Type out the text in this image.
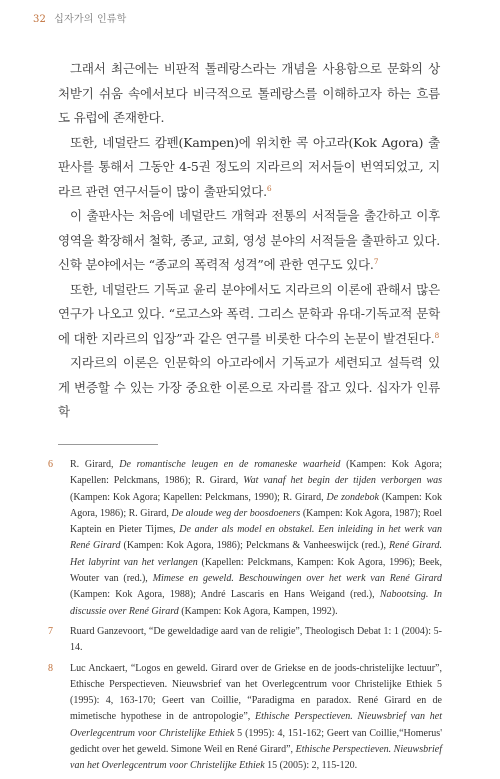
32 십자가의 인류학

그래서 최근에는 비판적 톨레랑스라는 개념을 사용함으로 문화의 상처받기 쉬움 속에서보다 비극적으로 톨레랑스를 이해하고자 하는 흐름도 유럽에 존재한다.

또한, 네덜란드 캄펜(Kampen)에 위치한 콕 아고라(Kok Agora) 출판사를 통해서 그동안 4-5권 정도의 지라르의 저서들이 번역되었고, 지라르 관련 연구서들이 많이 출판되었다.$^6$

이 출판사는 처음에 네덜란드 개혁과 전통의 서적들을 출간하고 이후 영역을 확장해서 철학, 종교, 교회, 영성 분야의 서적들을 출판하고 있다. 신학 분야에서는 “종교의 폭력적 성격”에 관한 연구도 있다.$^7$

또한, 네덜란드 기독교 윤리 분야에서도 지라르의 이론에 관해서 많은 연구가 나오고 있다. “로고스와 폭력. 그리스 문학과 유대-기독교적 문학에 대한 지라르의 입장”과 같은 연구를 비롯한 다수의 논문이 발견된다.$^8$

지라르의 이론은 인문학의 아고라에서 기독교가 세련되고 설득력 있게 변증할 수 있는 가장 중요한 이론으로 자리를 잡고 있다. 십자가 인류학

6	R. Girard, De romantische leugen en de romaneske waarheid (Kampen: Kok Agora; Kapellen: Pelckmans, 1986); R. Girard, Wat vanaf het begin der tijden verborgen was (Kampen: Kok Agora; Kapellen: Pelckmans, 1990); R. Girard, De zondebok (Kampen: Kok Agora, 1986); R. Girard, De aloude weg der boosdoeners (Kampen: Kok Agora, 1987); Roel Kaptein en Pieter Tijmes, De ander als model en obstakel. Een inleiding in het werk van René Girard (Kampen: Kok Agora, 1986); Pelckmans & Vanheeswijck (red.), René Girard. Het labyrint van het verlangen (Kapellen: Pelckmans, Kampen: Kok Agora, 1996); Beek, Wouter van (red.), Mimese en geweld. Beschouwingen over het werk van René Girard (Kampen: Kok Agora, 1988); André Lascaris en Hans Weigand (red.), Nabootsing. In discussie over René Girard (Kampen: Kok Agora, Kampen, 1992).
7	Ruard Ganzevoort, “De geweldadige aard van de religie”, Theologisch Debat 1: 1 (2004): 5-14.
8	Luc Anckaert, “Logos en geweld. Girard over de Griekse en de joods-christelijke lectuur”, Ethische Perspectieven. Nieuwsbrief van het Overlegcentrum voor Christelijke Ethiek 5 (1995): 4, 163-170; Geert van Coillie, “Paradigma en paradox. René Girard en de mimetische hypothese in de antropologie”, Ethische Perspectieven. Nieuwsbrief van het Overlegcentrum voor Christelijke Ethiek 5 (1995): 4, 151-162; Geert van Coillie,“Homerus' gedicht over het geweld. Simone Weil en René Girard”, Ethische Perspectieven. Nieuwsbrief van het Overlegcentrum voor Christelijke Ethiek 15 (2005): 2, 115-120.
